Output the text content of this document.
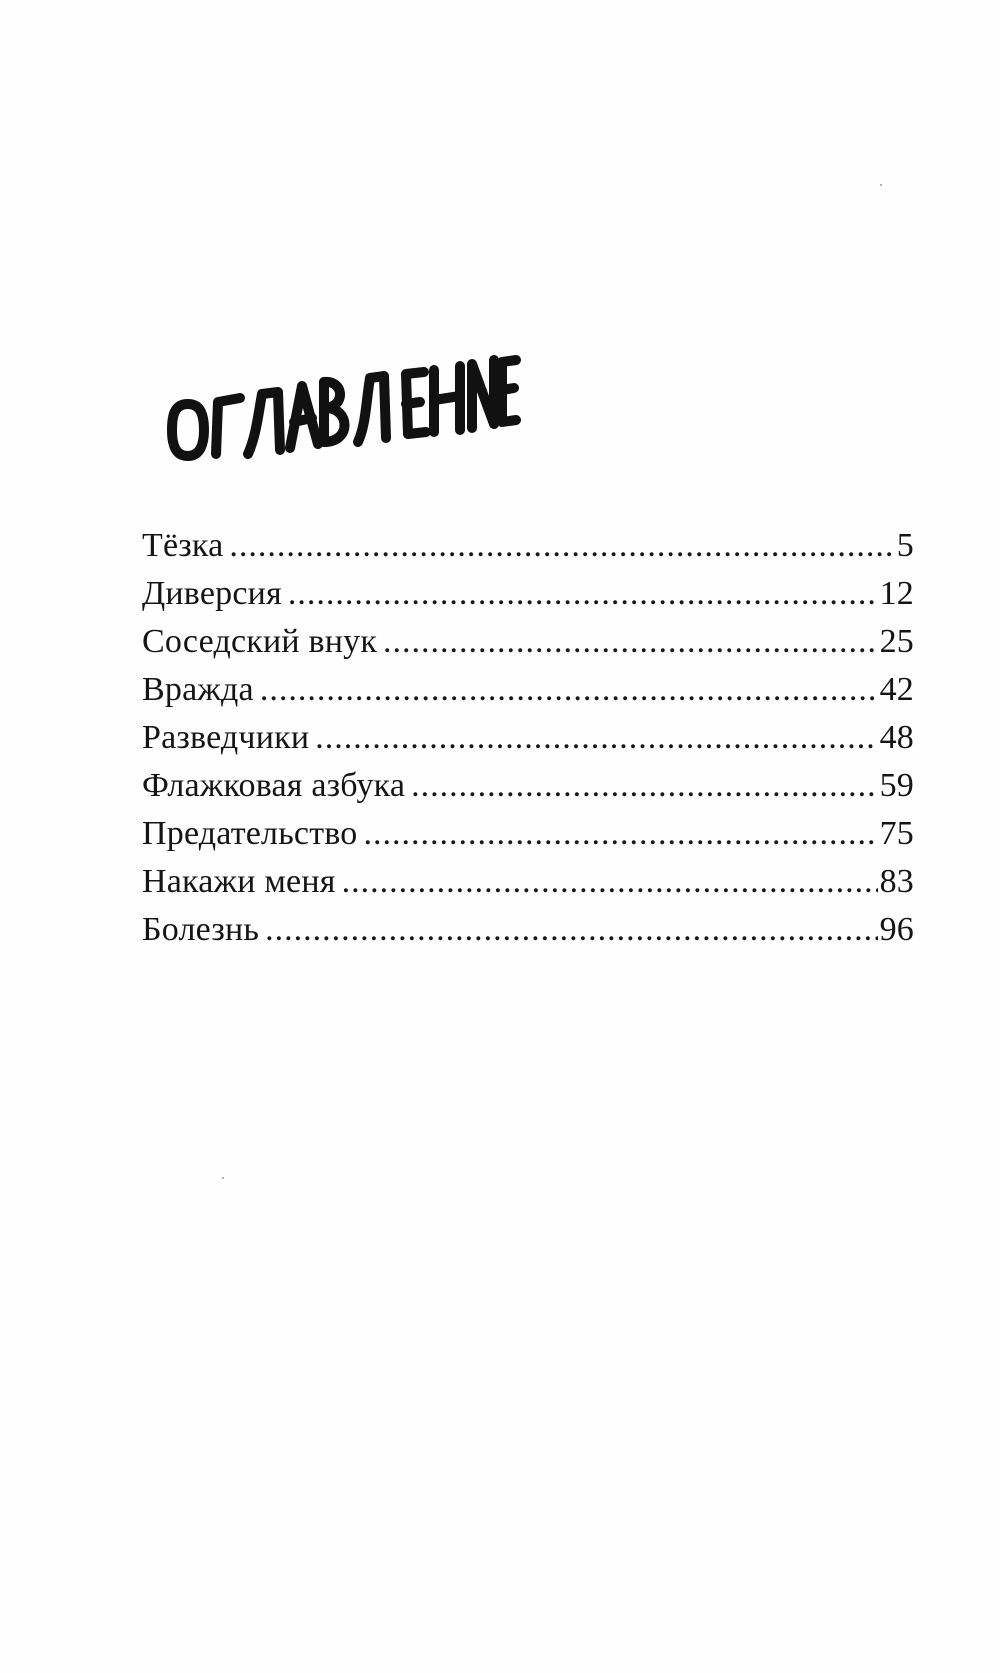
Тёзка .....	5
Диверсия .....	12
Соседский внук .....	25
Вражда .....	42
Разведчики .....	48
Флажковая азбука .....	59
Предательство .....	75
Накажи меня .....	83
Болезнь .....	96
